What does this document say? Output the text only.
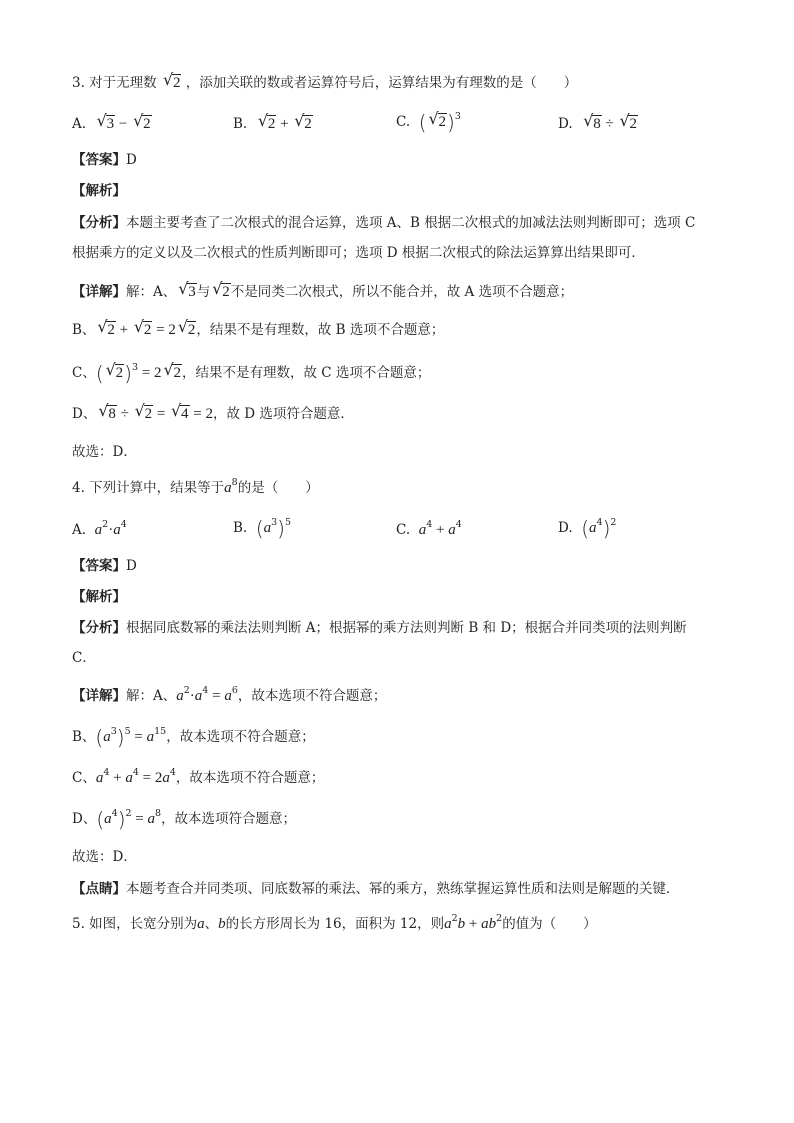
3. 对于无理数 √ 2 ，添加关联的数或者运算符号后，运算结果为有理数的是（　　）
A. √ 3 − √ 2	B. √ 2 + √ 2	C. ( √ 2)$^3$	D. √ 8 ÷ √ 2
【答案】D
【解析】
【分析】本题主要考查了二次根式的混合运算，选项 A、B 根据二次根式的加减法法则判断即可；选项 C
根据乘方的定义以及二次根式的性质判断即可；选项 D 根据二次根式的除法运算算出结果即可．
【详解】解：A、 √ 3与 √ 2不是同类二次根式，所以不能合并，故 A 选项不合题意；
B、 √ 2 + √ 2 = 2 √ 2，结果不是有理数，故 B 选项不合题意；
C、( √ 2)$^3$ = 2 √ 2，结果不是有理数，故 C 选项不合题意；
D、 √ 8 ÷ √ 2 = √ 4 = 2，故 D 选项符合题意．
故选：D．
4. 下列计算中，结果等于$a^8$的是（　　）
A. $a^2\cdot a^4$	B. $(a^3)^5$	C. $a^4 + a^4$	D. $(a^4)^2$
【答案】D
【解析】
【分析】根据同底数幂的乘法法则判断 A；根据幂的乘方法则判断 B 和 D；根据合并同类项的法则判断
C．
【详解】解：A、$a^2\cdot a^4 = a^6$，故本选项不符合题意；
B、$(a^3)^5 = a^{15}$，故本选项不符合题意；
C、$a^4 + a^4 = 2a^4$，故本选项不符合题意；
D、$(a^4)^2 = a^8$，故本选项符合题意；
故选：D．
【点睛】本题考查合并同类项、同底数幂的乘法、幂的乘方，熟练掌握运算性质和法则是解题的关键．
5. 如图，长宽分别为a、b的长方形周长为 16，面积为 12，则$a^2b + ab^2$的值为（　　）
